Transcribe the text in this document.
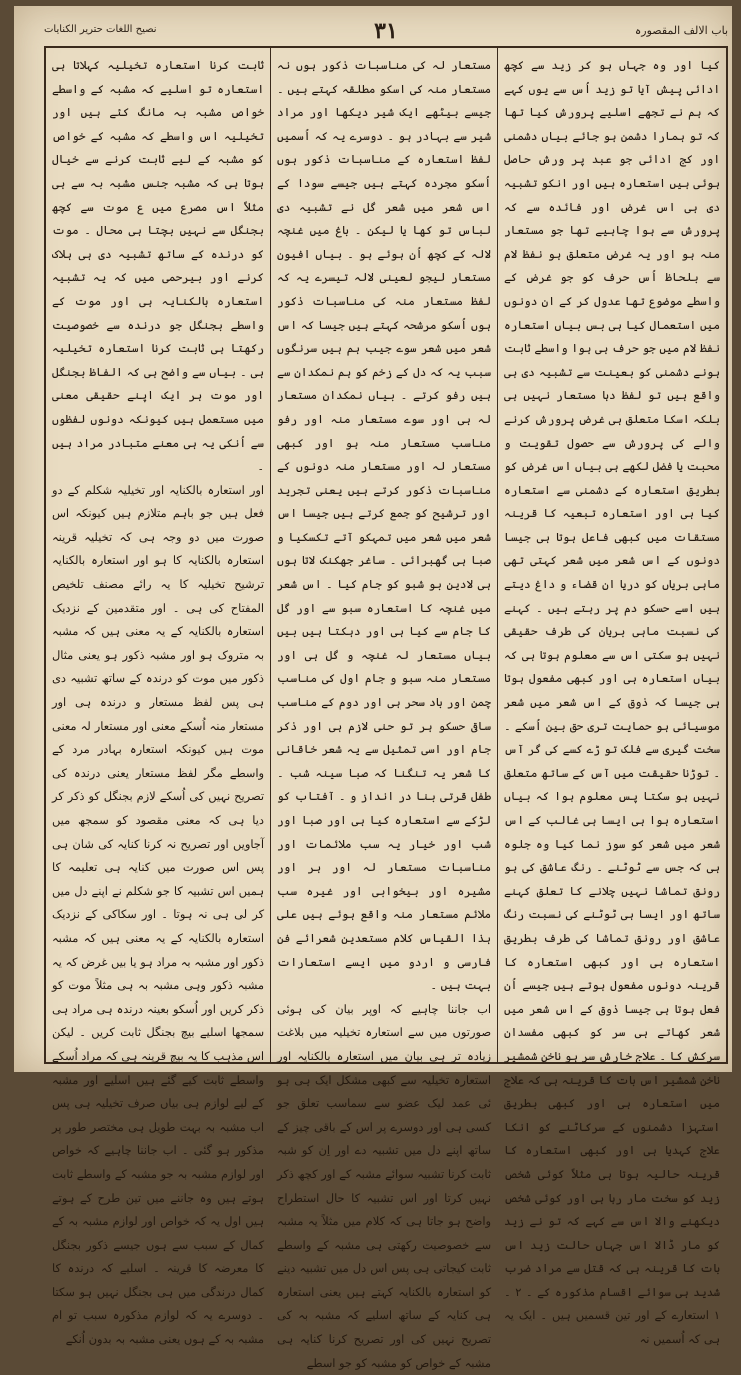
باب الالف المقصورہ
۳۱
نصیح اللغات حتریر الکنایات

کیا اور وہ جہاں ہو کر زید سے کچھ ادائی پیش آیا تو زید اُس سے یوں کہے کہ ہم نے تجھے اسلیے پرورش کیا تھا کہ تو ہمارا دشمن ہو جائے بیاں دشمنی اور کج ادائی جو عبد پر ورش حاصل ہوئی ہیں استعارہ ہیں اور انکو تشبیہ دی ہی اس غرض اور فائدہ سے کہ پرورش سے ہوا چاہیے تھا جو مستعار منہ ہو اور یہ غرض متعلق ہو نفظ لام سے بلحاظ اُس حرف کو جو غرض کے واسطے موضوع تھا عدول کر کے ان دونوں میں استعمال کیا ہی بس بیاں استعارہ نفظ لام میں جو حرف ہی ہوا واسطے ثابت ہونے دشمنی کو بعینت سے تشبیہ دی ہی واقع ہیں تو لفظ دہا مستعار نہیں ہی بلکہ اسکا متعلق ہی غرض پرورش کرنے والے کی پرورش سے حصول تقویت و محبت یا فضل لکھے ہی بیاں اس غرض کو بطریق استعارہ کے دشمنی سے استعارہ کیا ہی اور استعارہ تبعیہ کا قرینہ مستقات میں کبھی فاعل ہوتا ہی جیسا دونوں کے اس شعر میں شعر کہتی تھی ماہی بریاں کو دریا ان قضاء و داغ دیتے ہیں اسے حسکو دم پر رہتے ہیں ۔ کہنے کی نسبت ماہی بریان کی طرف حقیقی نہیں ہو سکتی اس سے معلوم ہوتا ہی کہ بیاں استعارہ ہی اور کبھی مفعول ہوتا ہی جیسا کہ ذوق کے اس شعر میں شعر موسیائی ہو حمایت تری حق بین اُسکے ۔ سخت گیری سے فلک تو ڑے کسے کی گر آس ۔ توڑنا حقیقت میں آس کے ساتھ متعلق نہیں ہو سکتا پس معلوم ہوا کہ بیاں استعارہ ہوا ہی ایسا ہی غالب کے اس شعر میں شعر کو سوز نما کیا وہ جلوہ ہی کہ جس سے ٹوٹنے ۔ رنگ عاشق کی ہو رونق تماشا نہیں چلانے کا تعلق کہنے ساتھ اور ایسا ہی ٹوٹنے کی نسبت رنگ عاشق اور رونق تماشا کی طرف بطریق استعارہ ہی اور کبھی استعارہ کا قرینہ دونوں مفعول ہوتے ہیں جیسے اُن فعل ہوتا ہی جیسا ذوق کے اس شعر میں شعر کھاتے ہی سر کو کبھی مفسدان سرکش کا ۔ علاج خارش سر ہو ناخن شمشیر ناخن شمشیر اس بات کا قرینہ ہی کہ علاج میں استعارہ ہی اور کبھی بطریق استہزا دشمنوں کے سرکاٹنے کو انکا علاج کہدیا ہی اور کبھی استعارہ کا قرینہ حالیہ ہوتا ہی مثلاً کوئی شخص زید کو سخت مار رہا ہی اور کوئی شخص دیکھنے والا اس سے کہے کہ تو نے زید کو مار ڈالا اس جہاں حالت زید اس بات کا قرینہ ہی کہ قتل سے مراد ضرب شدید ہی سوائے اقسام مذکورہ کے ۔ ۲ ۔ ۱ استعارے کے اور تین قسمیں ہیں ۔ ایک یہ ہی کہ اُسمیں نہ

مستعار لہ کی مناسبات ذکور ہوں نہ مستعار منہ کی اسکو مطلقہ کہتے ہیں ۔ جیسے بیٹھے ایک شیر دیکھا اور مراد شیر سے بہادر ہو ۔ دوسرے یہ کہ اُسمیں لفظ استعارہ کے مناسبات ذکور ہوں اُسکو مجردہ کہتے ہیں جیسے سودا کے اس شعر میں شعر گل نے تشبیہ دی لباس تو کھا یا لیکن ۔ باغ میں غنچہ لالہ کے کچھ اُن ہوئے ہو ۔ بیاں افیون مستعار لیجو لعینی لالہ تیسرے یہ کہ لفظ مستعار منہ کی مناسبات ذکور ہوں اُسکو مرشحہ کہتے ہیں جیسا کہ اس شعر میں شعر سوے جیب ہم ہیں سرنگوں سبب یہ کہ دل کے زخم کو ہم نمکدان سے ہیں رفو کرتے ۔ بیاں نمکدان مستعار لہ ہی اور سوے مستعار منہ اور رفو مناسب مستعار منہ ہو اور کبھی مستعار لہ اور مستعار منہ دونوں کے مناسبات ذکور کرتے ہیں یعنی تجرید اور ترشیح کو جمع کرتے ہیں جیسا اس شعر میں شعر میں تمہکو آتے تکسکیا و صبا ہی گھبرائی ۔ ساغر جھکنک لاتا ہوں ہی لادین بو شبو کو جام کیا ۔ اس شعر میں غنچہ کا استعارہ سبو سے اور گل کا جام سے کیا ہی اور دہکتا ہیں بیں بیاں مستعار لہ غنچہ و گل ہی اور مستعار منہ سبو و جام اول کی مناسب چمن اور باد سحر ہی اور دوم کے مناسب ساقی حسکو ہر تو حنی لازم ہی اور ذکر جام اور اسی تمثیل سے یہ شعر خاقانی کا شعر یہ تنگنا کہ صبا سینہ شب ۔ طفل قرتی بنا در انداز و ۔ آفتاب کو لڑکے سے استعارہ کیا ہی اور صبا اور شب اور خیار یہ سب ملائمات اور مناسبات مستعار لہ اور ہر اور مشیرہ اور بیخوابی اور غیرہ سب ملائم مستعار منہ واقع ہوئے ہیں علی ہذا القیاس کلام مستعدین شعرائے فن فارسی و اردو میں ایسے استعارات بہت ہیں ۔

اب جاننا چاہیے کہ اوپر بیان کی ہوئی صورتوں میں سے استعارہ تخیلیہ میں بلاغت زیادہ تر ہی بیان میں استعارہ بالکنایہ اور استعارہ تخیلیہ سے کبھی مشکل ایک ہی ہو ئی عمد لیک عضو سے سماسب تعلق جو کسی ہی اور دوسرے پر اس کے باقی چیز کے ساتھ اپنے دل میں تشبیہ دے اور اِن کو شبہ ثابت کرنا تشبیہ سوائے مشبہ کے اور کچھ ذکر نہیں کرتا اور اس تشبیہ کا حال استطراح واضح ہو جاتا ہی کہ کلام میں مثلاً یہ مشبہ سے خصوصیت رکھتی ہی مشبہ کے واسطے ثابت کیجاتی ہی پس اس دل میں تشبیہ دینے کو استعارہ بالکنایہ کہتے ہیں یعنی استعارہ ہی کنایہ کے ساتھ اسلیے کہ مشبہ بہ کی تصریح نہیں کی اور تصریح کرنا کنایہ ہی مشبہ کے خواص کو مشبہ کو جو اسطے

ثابت کرنا استعارہ تخیلیہ کہلاتا ہی استعارہ تو اسلیے کہ مشبہ کے واسطے خواص مشبہ بہ مانگ کئے ہیں اور تخیلیہ اس واسطے کہ مشبہ کے خواص کو مشبہ کے لیے ثابت کرنے سے خیال ہوتا ہی کہ مشبہ جنس مشبہ بہ سے ہی مثلاً اس مصرع میں ع موت سے کچھ بجنگل سے نہیں بچتا ہی محال ۔ موت کو درندہ کے ساتھ تشبیہ دی ہی ہلاک کرنے اور بیرحمی میں کہ یہ تشبیہ استعارہ بالکنایہ ہی اور موت کے واسطے بجنگل جو درندہ سے خصوصیت رکھتا ہی ثابت کرنا استعارہ تخیلیہ ہی ۔ بیاں سے واضح ہی کہ الفاظ بجنگل اور موت ہر ایک اپنے حقیقی معنی میں مستعمل ہیں کیونکہ دونوں لفظوں سے اُنکی یہ ہی معنے متبادر مراد ہیں ۔

اور استعارہ بالکنایہ اور تخیلیہ شکلم کے دو فعل ہیں جو باہم متلازم ہیں کیونکہ اس صورت میں دو وجہ ہی کہ تخیلیہ قرینہ استعارہ بالکنایہ کا ہو اور استعارہ بالکنایہ ترشیح تخیلیہ کا یہ رائے مصنف تلخیص المفتاح کی ہی ۔ اور متقدمین کے نزدیک استعارہ بالکنایہ کے یہ معنی ہیں کہ مشبہ بہ متروک ہو اور مشبہ ذکور ہو یعنی مثال ذکور میں موت کو درندہ کے ساتھ تشبیہ دی ہی پس لفظ مستعار و درندہ ہی اور مستعار منہ اُسکے معنی اور مستعار لہ معنی موت ہیں کیونکہ استعارہ بہادر مرد کے واسطے مگر لفظ مستعار یعنی درندہ کی تصریح نہیں کی اُسکے لازم بجنگل کو ذکر کر دیا ہی کہ معنی مقصود کو سمجھ میں آجاویں اور تصریح نہ کرنا کنایہ کی شان ہی پس اس صورت میں کنایہ ہی تعلیمہ کا ہمیں اس تشبیہ کا جو شکلم نے اپنے دل میں کر لی ہی نہ ہوتا ۔ اور سکاکی کے نزدیک استعارہ بالکنایہ کے یہ معنی ہیں کہ مشبہ ذکور اور مشبہ بہ مراد ہو یا بیں غرض کہ یہ مشبہ ذکور وہی مشبہ بہ ہی مثلاً موت کو ذکر کریں اور اُسکو بعینہ درندہ ہی مراد ہی سمجھا اسلیے بیچ بجنگل ثابت کریں ۔ لیکن اس مذہب کا یہ بیچ قرینہ ہی کہ مراد اُسکے واسطے ثابت کیے گئے ہیں اسلیے اور مشبہ کے لیے لوازم ہی بیاں صرف تخیلیہ ہی پس اب مشبہ بہ بہت طویل ہی مختصر طور پر مذکور ہو گئی ۔ اب جاننا چاہیے کہ خواص اور لوازم مشبہ بہ جو مشبہ کے واسطے ثابت ہوتے ہیں وہ جاننے میں تین طرح کے ہوتے ہیں اول یہ کہ خواص اور لوازم مشبہ بہ کے کمال کے سبب سے ہوں جیسے ذکور بجنگل کا معرضہ کا قرینہ ۔ اسلیے کہ درندہ کا کمال درندگی میں ہی بجنگل نہیں ہو سکتا ۔ دوسرے یہ کہ لوازم مذکورہ سبب تو ام مشبہ بہ کے ہوں یعنی مشبہ بہ بدون اُنکے
